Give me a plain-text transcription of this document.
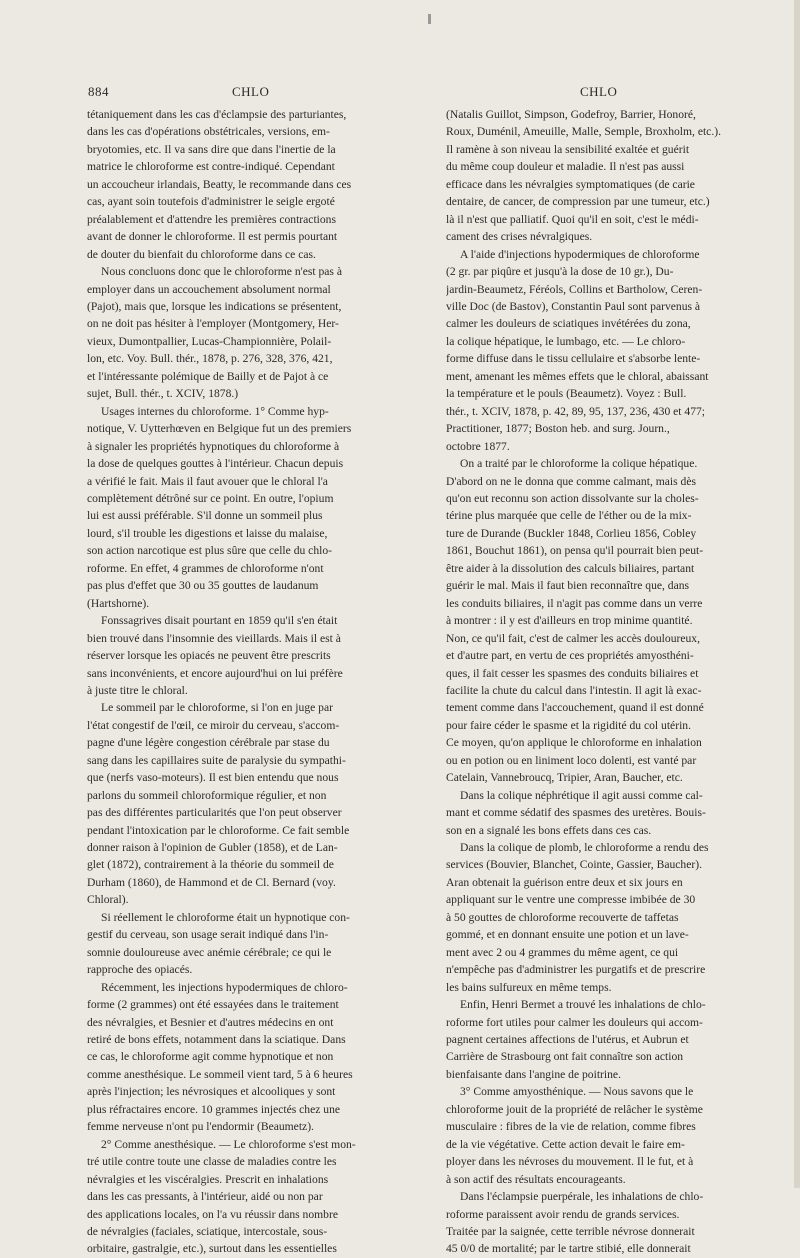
884	CHLO	CHLO
tétaniquement dans les cas d'éclampsie des parturiantes,
dans les cas d'opérations obstétricales, versions, em-
bryotomies, etc. Il va sans dire que dans l'inertie de la
matrice le chloroforme est contre-indiqué. Cependant
un accoucheur irlandais, Beatty, le recommande dans ces
cas, ayant soin toutefois d'administrer le seigle ergoté
préalablement et d'attendre les premières contractions
avant de donner le chloroforme. Il est permis pourtant
de douter du bienfait du chloroforme dans ce cas.
Nous concluons donc que le chloroforme n'est pas à
employer dans un accouchement absolument normal
(Pajot), mais que, lorsque les indications se présentent,
on ne doit pas hésiter à l'employer (Montgomery, Her-
vieux, Dumontpallier, Lucas-Championnière, Polail-
lon, etc. Voy. Bull. thér., 1878, p. 276, 328, 376, 421,
et l'intéressante polémique de Bailly et de Pajot à ce
sujet, Bull. thér., t. XCIV, 1878.)
Usages internes du chloroforme. 1° Comme hyp-
notique, V. Uytterhœven en Belgique fut un des premiers
à signaler les propriétés hypnotiques du chloroforme à
la dose de quelques gouttes à l'intérieur. Chacun depuis
a vérifié le fait. Mais il faut avouer que le chloral l'a
complètement détrôné sur ce point. En outre, l'opium
lui est aussi préférable. S'il donne un sommeil plus
lourd, s'il trouble les digestions et laisse du malaise,
son action narcotique est plus sûre que celle du chlo-
roforme. En effet, 4 grammes de chloroforme n'ont
pas plus d'effet que 30 ou 35 gouttes de laudanum
(Hartshorne).
Fonssagrives disait pourtant en 1859 qu'il s'en était
bien trouvé dans l'insomnie des vieillards. Mais il est à
réserver lorsque les opiacés ne peuvent être prescrits
sans inconvénients, et encore aujourd'hui on lui préfère
à juste titre le chloral.
Le sommeil par le chloroforme, si l'on en juge par
l'état congestif de l'œil, ce miroir du cerveau, s'accom-
pagne d'une légère congestion cérébrale par stase du
sang dans les capillaires suite de paralysie du sympathi-
que (nerfs vaso-moteurs). Il est bien entendu que nous
parlons du sommeil chloroformique régulier, et non
pas des différentes particularités que l'on peut observer
pendant l'intoxication par le chloroforme. Ce fait semble
donner raison à l'opinion de Gubler (1858), et de Lan-
glet (1872), contrairement à la théorie du sommeil de
Durham (1860), de Hammond et de Cl. Bernard (voy.
Chloral).
Si réellement le chloroforme était un hypnotique con-
gestif du cerveau, son usage serait indiqué dans l'in-
somnie douloureuse avec anémie cérébrale; ce qui le
rapproche des opiacés.
Récemment, les injections hypodermiques de chloro-
forme (2 grammes) ont été essayées dans le traitement
des névralgies, et Besnier et d'autres médecins en ont
retiré de bons effets, notamment dans la sciatique. Dans
ce cas, le chloroforme agit comme hypnotique et non
comme anesthésique. Le sommeil vient tard, 5 à 6 heures
après l'injection; les névrosiques et alcooliques y sont
plus réfractaires encore. 10 grammes injectés chez une
femme nerveuse n'ont pu l'endormir (Beaumetz).
2° Comme anesthésique. — Le chloroforme s'est mon-
tré utile contre toute une classe de maladies contre les
névralgies et les viscéralgies. Prescrit en inhalations
dans les cas pressants, à l'intérieur, aidé ou non par
des applications locales, on l'a vu réussir dans nombre
de névralgies (faciales, sciatique, intercostale, sous-
orbitaire, gastralgie, etc.), surtout dans les essentielles
(Natalis Guillot, Simpson, Godefroy, Barrier, Honoré,
Roux, Duménil, Ameuille, Malle, Semple, Broxholm, etc.).
Il ramène à son niveau la sensibilité exaltée et guérit
du même coup douleur et maladie. Il n'est pas aussi
efficace dans les névralgies symptomatiques (de carie
dentaire, de cancer, de compression par une tumeur, etc.)
là il n'est que palliatif. Quoi qu'il en soit, c'est le médi-
cament des crises névralgiques.
A l'aide d'injections hypodermiques de chloroforme
(2 gr. par piqûre et jusqu'à la dose de 10 gr.), Du-
jardin-Beaumetz, Féréols, Collins et Bartholow, Ceren-
ville Doc (de Bastov), Constantin Paul sont parvenus à
calmer les douleurs de sciatiques invétérées du zona,
la colique hépatique, le lumbago, etc. — Le chloro-
forme diffuse dans le tissu cellulaire et s'absorbe lente-
ment, amenant les mêmes effets que le chloral, abaissant
la température et le pouls (Beaumetz). Voyez : Bull.
thér., t. XCIV, 1878, p. 42, 89, 95, 137, 236, 430 et 477;
Practitioner, 1877; Boston heb. and surg. Journ.,
octobre 1877.
On a traité par le chloroforme la colique hépatique.
D'abord on ne le donna que comme calmant, mais dès
qu'on eut reconnu son action dissolvante sur la choles-
térine plus marquée que celle de l'éther ou de la mix-
ture de Durande (Buckler 1848, Corlieu 1856, Cobley
1861, Bouchut 1861), on pensa qu'il pourrait bien peut-
être aider à la dissolution des calculs biliaires, partant
guérir le mal. Mais il faut bien reconnaître que, dans
les conduits biliaires, il n'agit pas comme dans un verre
à montrer : il y est d'ailleurs en trop minime quantité.
Non, ce qu'il fait, c'est de calmer les accès douloureux,
et d'autre part, en vertu de ces propriétés amyosthéni-
ques, il fait cesser les spasmes des conduits biliaires et
facilite la chute du calcul dans l'intestin. Il agit là exac-
tement comme dans l'accouchement, quand il est donné
pour faire céder le spasme et la rigidité du col utérin.
Ce moyen, qu'on applique le chloroforme en inhalation
ou en potion ou en liniment loco dolenti, est vanté par
Catelain, Vannebroucq, Tripier, Aran, Baucher, etc.
Dans la colique néphrétique il agit aussi comme cal-
mant et comme sédatif des spasmes des uretères. Bouis-
son en a signalé les bons effets dans ces cas.
Dans la colique de plomb, le chloroforme a rendu des
services (Bouvier, Blanchet, Cointe, Gassier, Baucher).
Aran obtenait la guérison entre deux et six jours en
appliquant sur le ventre une compresse imbibée de 30
à 50 gouttes de chloroforme recouverte de taffetas
gommé, et en donnant ensuite une potion et un lave-
ment avec 2 ou 4 grammes du même agent, ce qui
n'empêche pas d'administrer les purgatifs et de prescrire
les bains sulfureux en même temps.
Enfin, Henri Bermet a trouvé les inhalations de chlo-
roforme fort utiles pour calmer les douleurs qui accom-
pagnent certaines affections de l'utérus, et Aubrun et
Carrière de Strasbourg ont fait connaître son action
bienfaisante dans l'angine de poitrine.
3° Comme amyosthénique. — Nous savons que le
chloroforme jouit de la propriété de relâcher le système
musculaire : fibres de la vie de relation, comme fibres
de la vie végétative. Cette action devait le faire em-
ployer dans les névroses du mouvement. Il le fut, et à
à son actif des résultats encourageants.
Dans l'éclampsie puerpérale, les inhalations de chlo-
roforme paraissent avoir rendu de grands services.
Traitée par la saignée, cette terrible névrose donnerait
45 0/0 de mortalité; par le tartre stibié, elle donnerait
